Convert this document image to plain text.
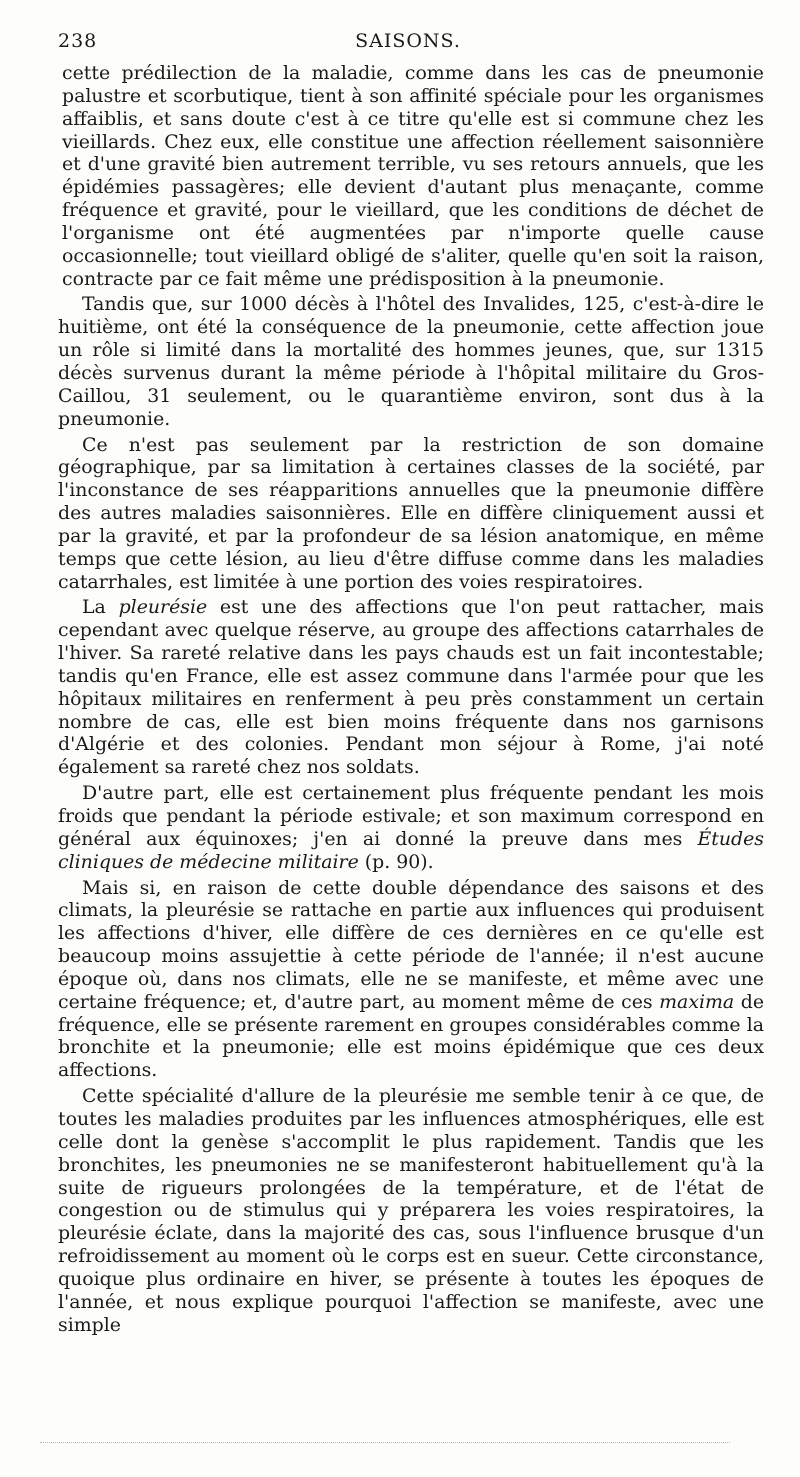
238	SAISONS.

cette prédilection de la maladie, comme dans les cas de pneumonie palustre et scorbutique, tient à son affinité spéciale pour les organismes affaiblis, et sans doute c'est à ce titre qu'elle est si commune chez les vieillards. Chez eux, elle constitue une affection réellement saisonnière et d'une gravité bien autrement terrible, vu ses retours annuels, que les épidémies passagères; elle devient d'autant plus menaçante, comme fréquence et gravité, pour le vieillard, que les conditions de déchet de l'organisme ont été augmentées par n'importe quelle cause occasionnelle; tout vieillard obligé de s'aliter, quelle qu'en soit la raison, contracte par ce fait même une prédisposition à la pneumonie.

Tandis que, sur 1000 décès à l'hôtel des Invalides, 125, c'est-à-dire le huitième, ont été la conséquence de la pneumonie, cette affection joue un rôle si limité dans la mortalité des hommes jeunes, que, sur 1315 décès survenus durant la même période à l'hôpital militaire du Gros-Caillou, 31 seulement, ou le quarantième environ, sont dus à la pneumonie.

Ce n'est pas seulement par la restriction de son domaine géographique, par sa limitation à certaines classes de la société, par l'inconstance de ses réapparitions annuelles que la pneumonie diffère des autres maladies saisonnières. Elle en diffère cliniquement aussi et par la gravité, et par la profondeur de sa lésion anatomique, en même temps que cette lésion, au lieu d'être diffuse comme dans les maladies catarrhales, est limitée à une portion des voies respiratoires.

La pleurésie est une des affections que l'on peut rattacher, mais cependant avec quelque réserve, au groupe des affections catarrhales de l'hiver. Sa rareté relative dans les pays chauds est un fait incontestable; tandis qu'en France, elle est assez commune dans l'armée pour que les hôpitaux militaires en renferment à peu près constamment un certain nombre de cas, elle est bien moins fréquente dans nos garnisons d'Algérie et des colonies. Pendant mon séjour à Rome, j'ai noté également sa rareté chez nos soldats.

D'autre part, elle est certainement plus fréquente pendant les mois froids que pendant la période estivale; et son maximum correspond en général aux équinoxes; j'en ai donné la preuve dans mes Études cliniques de médecine militaire (p. 90).

Mais si, en raison de cette double dépendance des saisons et des climats, la pleurésie se rattache en partie aux influences qui produisent les affections d'hiver, elle diffère de ces dernières en ce qu'elle est beaucoup moins assujettie à cette période de l'année; il n'est aucune époque où, dans nos climats, elle ne se manifeste, et même avec une certaine fréquence; et, d'autre part, au moment même de ces maxima de fréquence, elle se présente rarement en groupes considérables comme la bronchite et la pneumonie; elle est moins épidémique que ces deux affections.

Cette spécialité d'allure de la pleurésie me semble tenir à ce que, de toutes les maladies produites par les influences atmosphériques, elle est celle dont la genèse s'accomplit le plus rapidement. Tandis que les bronchites, les pneumonies ne se manifesteront habituellement qu'à la suite de rigueurs prolongées de la température, et de l'état de congestion ou de stimulus qui y préparera les voies respiratoires, la pleurésie éclate, dans la majorité des cas, sous l'influence brusque d'un refroidissement au moment où le corps est en sueur. Cette circonstance, quoique plus ordinaire en hiver, se présente à toutes les époques de l'année, et nous explique pourquoi l'affection se manifeste, avec une simple
